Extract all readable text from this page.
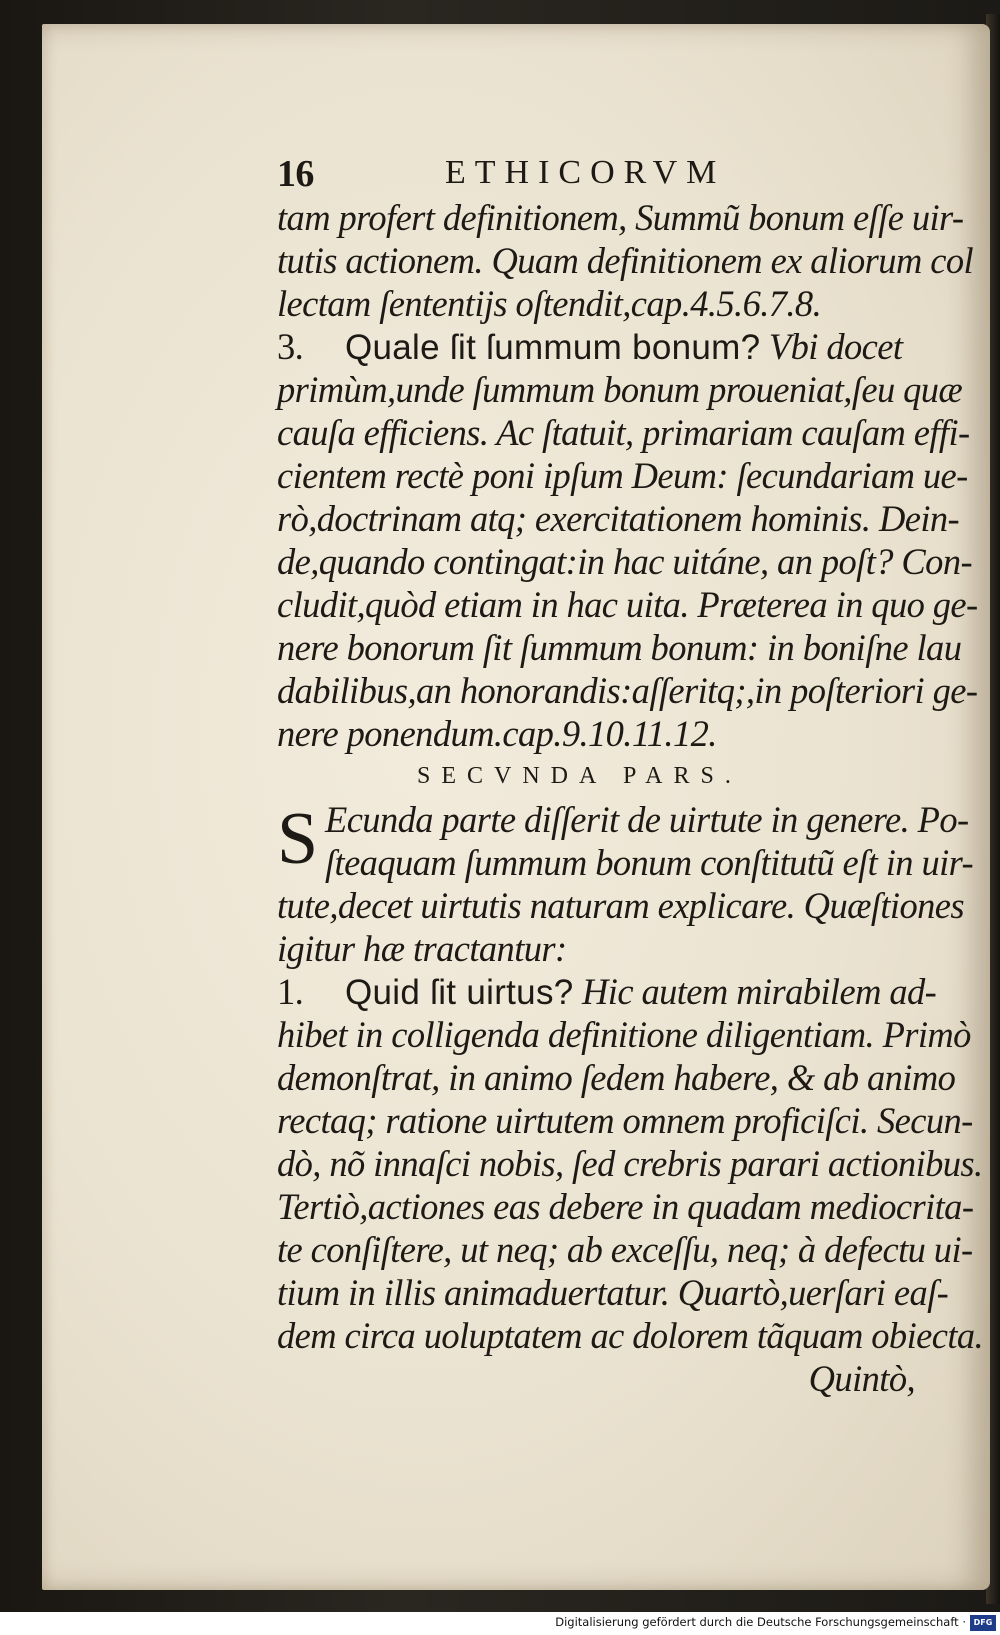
16	ETHICORVM
tam profert definitionem, Summũ bonum eſſe uir-
tutis actionem. Quam definitionem ex aliorum col
lectam ſententijs oſtendit,cap.4.5.6.7.8.
3. Quale ſit ſummum bonum? Vbi docet
primùm,unde ſummum bonum proueniat,ſeu quæ
cauſa efficiens. Ac ſtatuit, primariam cauſam effi-
cientem rectè poni ipſum Deum: ſecundariam ue-
rò,doctrinam atq; exercitationem hominis. Dein-
de,quando contingat:in hac uitáne, an poſt? Con-
cludit,quòd etiam in hac uita. Præterea in quo ge-
nere bonorum ſit ſummum bonum: in boniſne lau
dabilibus,an honorandis:aſſeritq;,in poſteriori ge-
nere ponendum.cap.9.10.11.12.
SECVNDA PARS.
S Ecunda parte diſſerit de uirtute in genere. Po-
ſteaquam ſummum bonum conſtitutũ eſt in uir-
tute,decet uirtutis naturam explicare. Quæſtiones
igitur hæ tractantur:
1. Quid ſit uirtus? Hic autem mirabilem ad-
hibet in colligenda definitione diligentiam. Primò
demonſtrat, in animo ſedem habere, & ab animo
rectaq; ratione uirtutem omnem proficiſci. Secun-
dò, nõ innaſci nobis, ſed crebris parari actionibus.
Tertiò,actiones eas debere in quadam mediocrita-
te conſiſtere, ut neq; ab exceſſu, neq; à defectu ui-
tium in illis animaduertatur. Quartò,uerſari eaſ-
dem circa uoluptatem ac dolorem tãquam obiecta.
Quintò,
Digitalisierung gefördert durch die Deutsche Forschungsgemeinschaft · DFG
